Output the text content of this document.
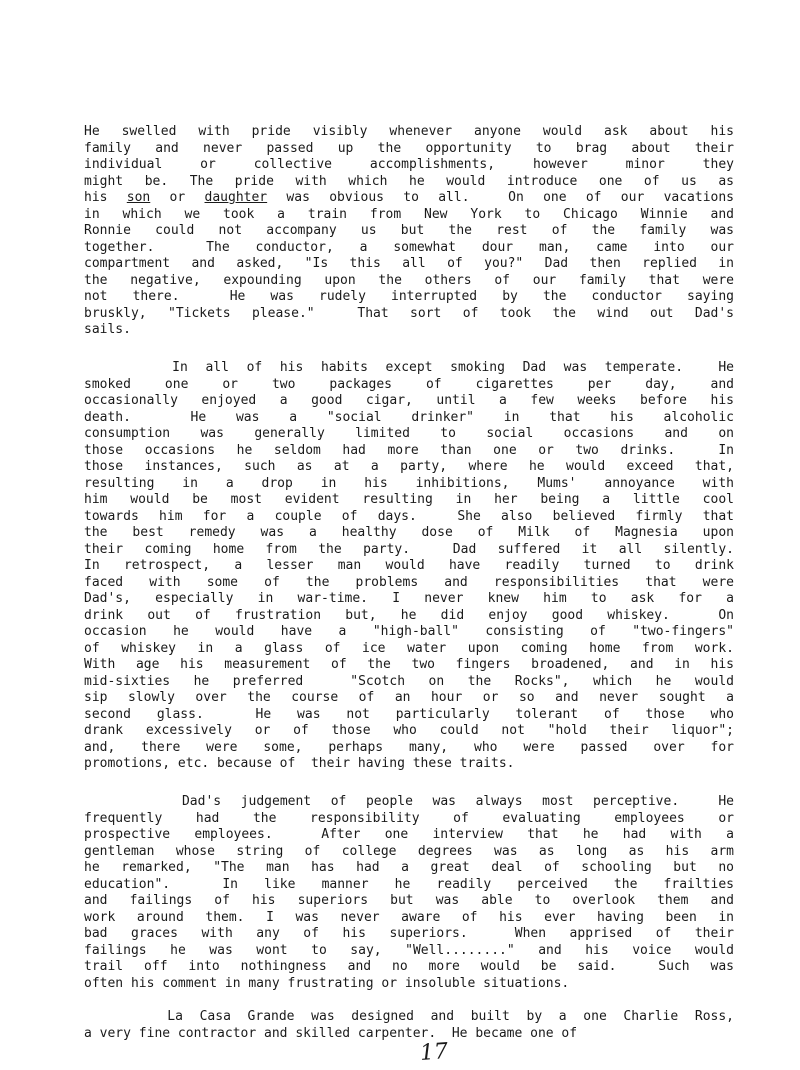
He swelled with pride visibly whenever anyone would ask about his
family and never passed up the opportunity to brag about their
individual or collective accomplishments, however minor they
might be. The pride with which he would introduce one of us as
his son or daughter was obvious to all.  On one of our vacations
in which we took a train from New York to Chicago Winnie and
Ronnie could not accompany us but the rest of the family was
together.  The conductor, a somewhat dour man, came into our
compartment and asked, "Is this all of you?" Dad then replied in
the negative, expounding upon the others of our family that were
not there.  He was rudely interrupted by the conductor saying
bruskly, "Tickets please."  That sort of took the wind out Dad's
sails.
In all of his habits except smoking Dad was temperate.  He
smoked one or two packages of cigarettes per day, and
occasionally enjoyed a good cigar, until a few weeks before his
death.  He was a "social drinker" in that his alcoholic
consumption was generally limited to social occasions and on
those occasions he seldom had more than one or two drinks.  In
those instances, such as at a party, where he would exceed that,
resulting in a drop in his inhibitions, Mums' annoyance with
him would be most evident resulting in her being a little cool
towards him for a couple of days.  She also believed firmly that
the best remedy was a healthy dose of Milk of Magnesia upon
their coming home from the party.  Dad suffered it all silently.
In retrospect, a lesser man would have readily turned to drink
faced with some of the problems and responsibilities that were
Dad's, especially in war-time. I never knew him to ask for a
drink out of frustration but, he did enjoy good whiskey.  On
occasion he would have a "high-ball" consisting of "two-fingers"
of whiskey in a glass of ice water upon coming home from work.
With age his measurement of the two fingers broadened, and in his
mid-sixties he preferred  "Scotch on the Rocks", which he would
sip slowly over the course of an hour or so and never sought a
second glass.  He was not particularly tolerant of those who
drank excessively or of those who could not "hold their liquor";
and, there were some, perhaps many, who were passed over for
promotions, etc. because of  their having these traits.
Dad's judgement of people was always most perceptive.  He
frequently had the responsibility of evaluating employees or
prospective employees.  After one interview that he had with a
gentleman whose string of college degrees was as long as his arm
he remarked, "The man has had a great deal of schooling but no
education".  In like manner he readily perceived the frailties
and failings of his superiors but was able to overlook them and
work around them. I was never aware of his ever having been in
bad graces with any of his superiors.  When apprised of their
failings he was wont to say, "Well........" and his voice would
trail off into nothingness and no more would be said.  Such was
often his comment in many frustrating or insoluble situations.
La Casa Grande was designed and built by a one Charlie Ross,
a very fine contractor and skilled carpenter.  He became one of
17
